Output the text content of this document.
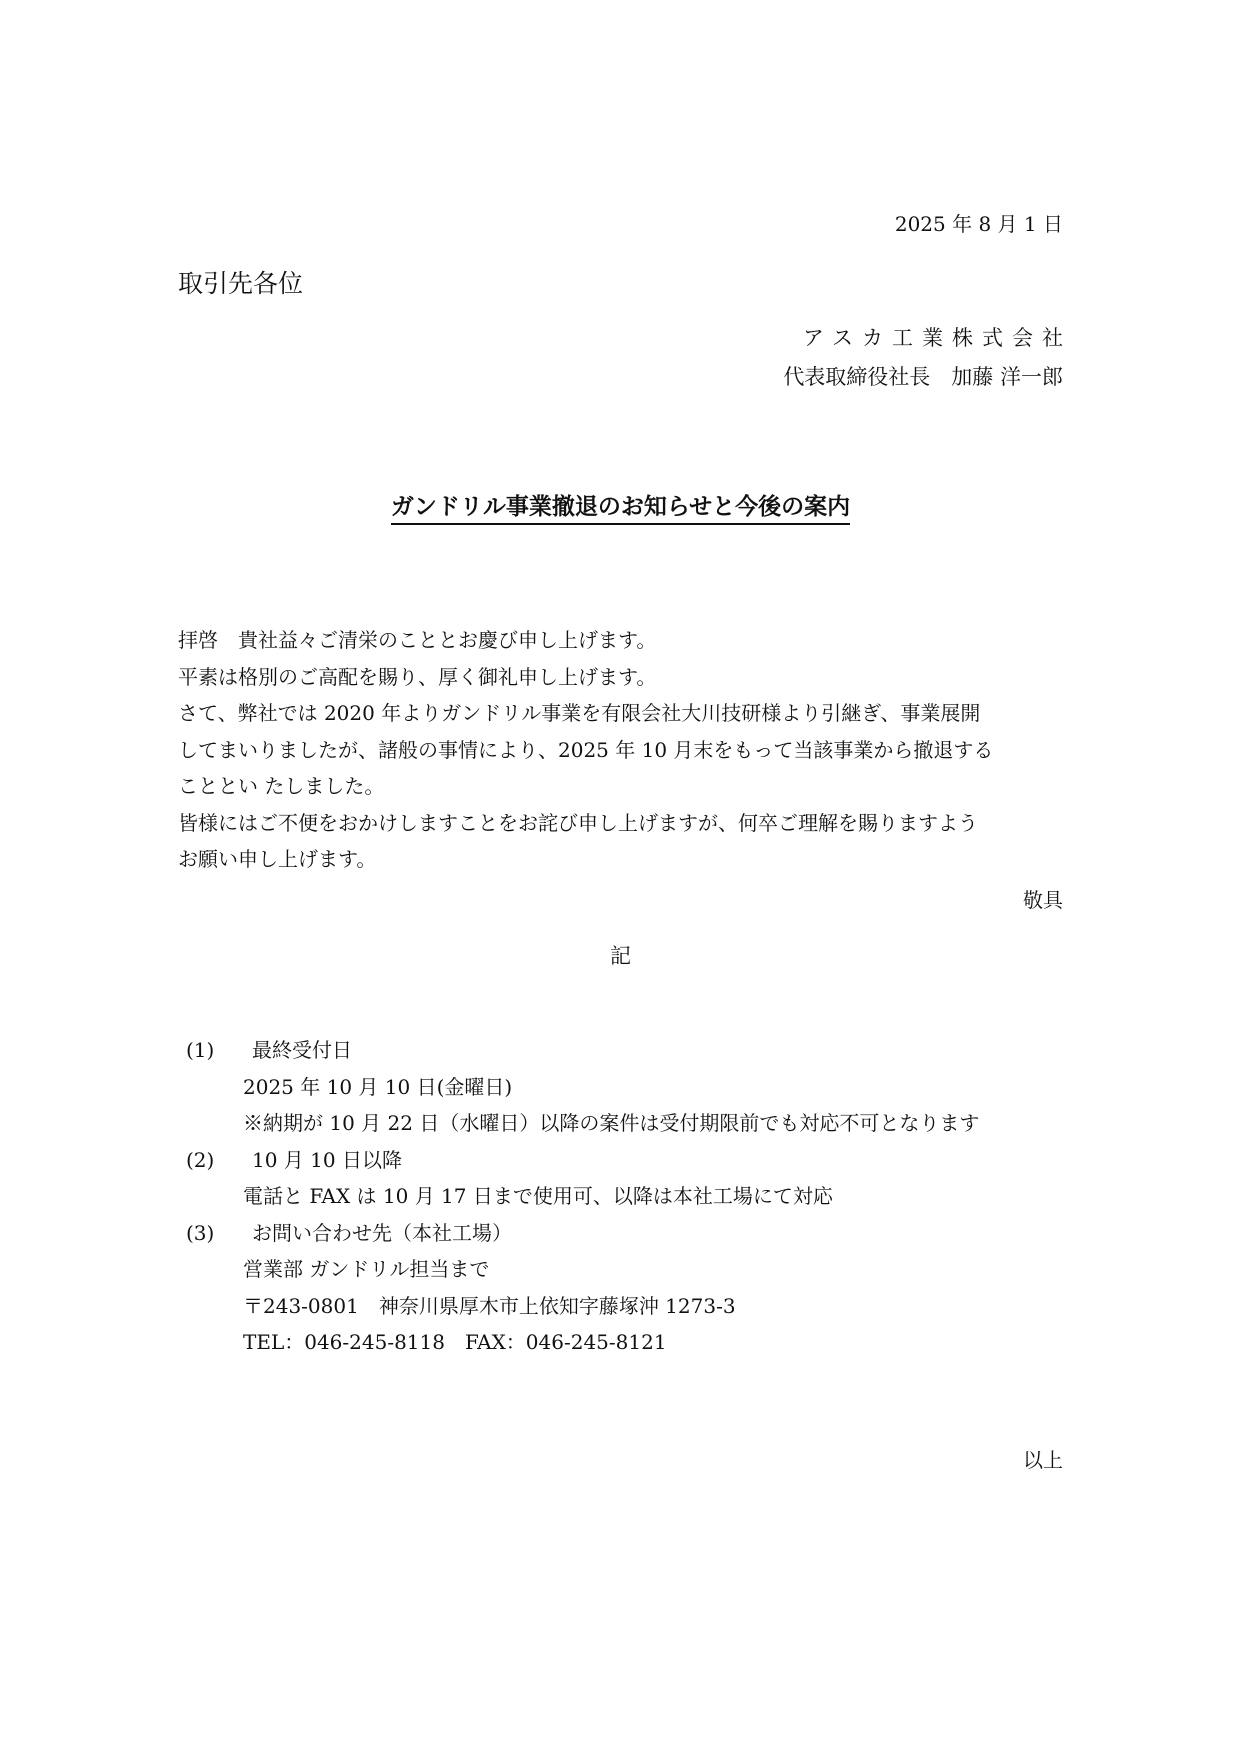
2025 年 8 月 1 日
取引先各位
アスカ工業株式会社
代表取締役社長　加藤 洋一郎
ガンドリル事業撤退のお知らせと今後の案内

拝啓　貴社益々ご清栄のこととお慶び申し上げます。

平素は格別のご高配を賜り、厚く御礼申し上げます。

さて、弊社では 2020 年よりガンドリル事業を有限会社大川技研様より引継ぎ、事業展開

してまいりましたが、諸般の事情により、2025 年 10 月末をもって当該事業から撤退する

こととい たしました。

皆様にはご不便をおかけしますことをお詫び申し上げますが、何卒ご理解を賜りますよう

お願い申し上げます。

敬具
記
(1) 最終受付日
2025 年 10 月 10 日(金曜日)
※納期が 10 月 22 日（水曜日）以降の案件は受付期限前でも対応不可となります
(2) 10 月 10 日以降
電話と FAX は 10 月 17 日まで使用可、以降は本社工場にて対応
(3) お問い合わせ先（本社工場）
営業部 ガンドリル担当まで
〒243-0801　神奈川県厚木市上依知字藤塚沖 1273-3
TEL：046-245-8118　FAX：046-245-8121
以上
